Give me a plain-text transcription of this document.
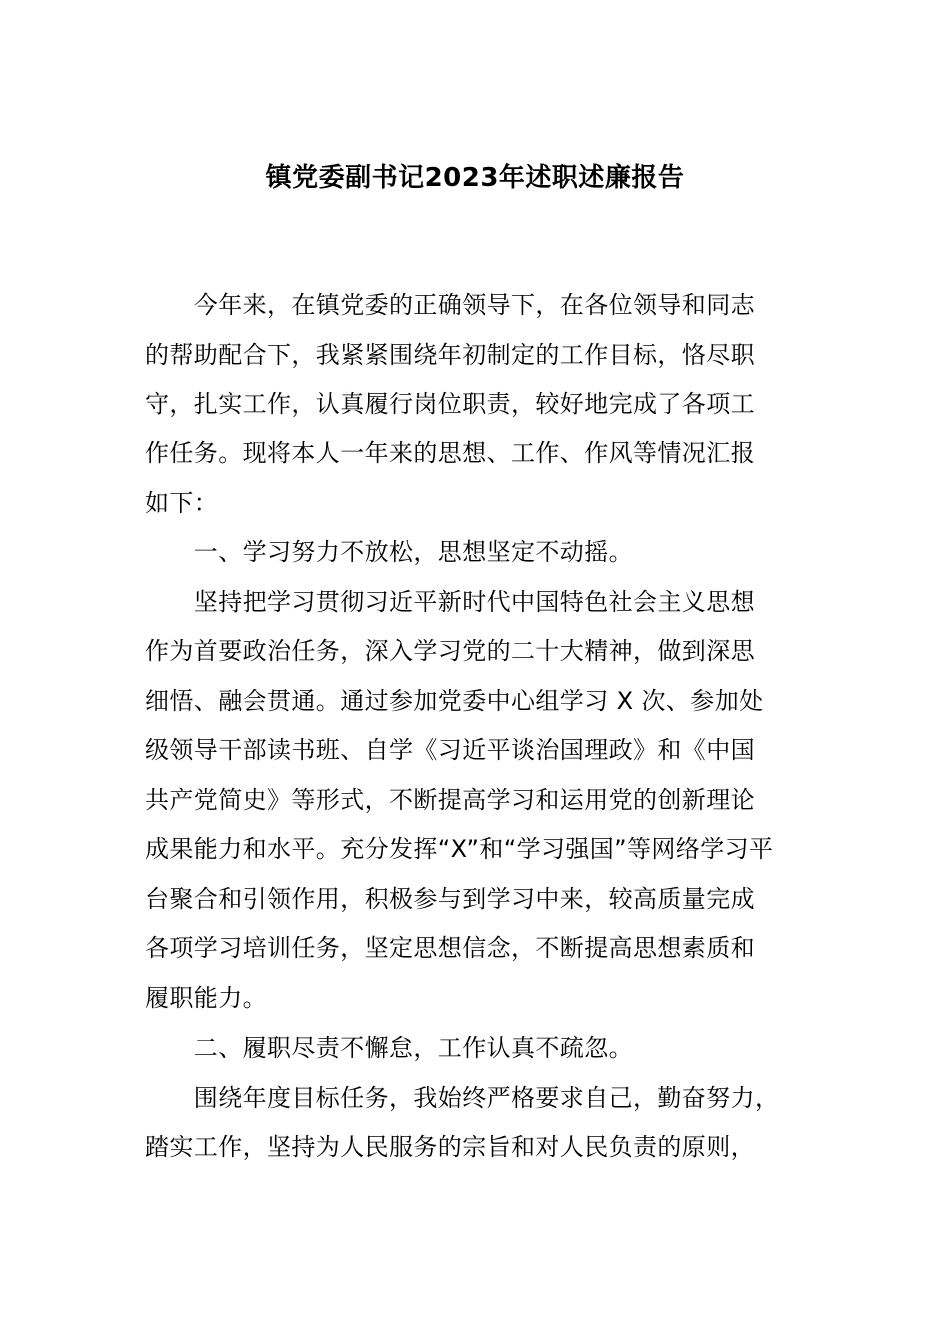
镇党委副书记2023年述职述廉报告
　　今年来，在镇党委的正确领导下，在各位领导和同志
的帮助配合下，我紧紧围绕年初制定的工作目标，恪尽职
守，扎实工作，认真履行岗位职责，较好地完成了各项工
作任务。现将本人一年来的思想、工作、作风等情况汇报
如下：
　　一、学习努力不放松，思想坚定不动摇。
　　坚持把学习贯彻习近平新时代中国特色社会主义思想
作为首要政治任务，深入学习党的二十大精神，做到深思
细悟、融会贯通。通过参加党委中心组学习 X 次、参加处
级领导干部读书班、自学《习近平谈治国理政》和《中国
共产党简史》等形式，不断提高学习和运用党的创新理论
成果能力和水平。充分发挥“X”和“学习强国”等网络学习平
台聚合和引领作用，积极参与到学习中来，较高质量完成
各项学习培训任务，坚定思想信念，不断提高思想素质和
履职能力。
　　二、履职尽责不懈怠，工作认真不疏忽。
　　围绕年度目标任务，我始终严格要求自己，勤奋努力，
踏实工作，坚持为人民服务的宗旨和对人民负责的原则，
